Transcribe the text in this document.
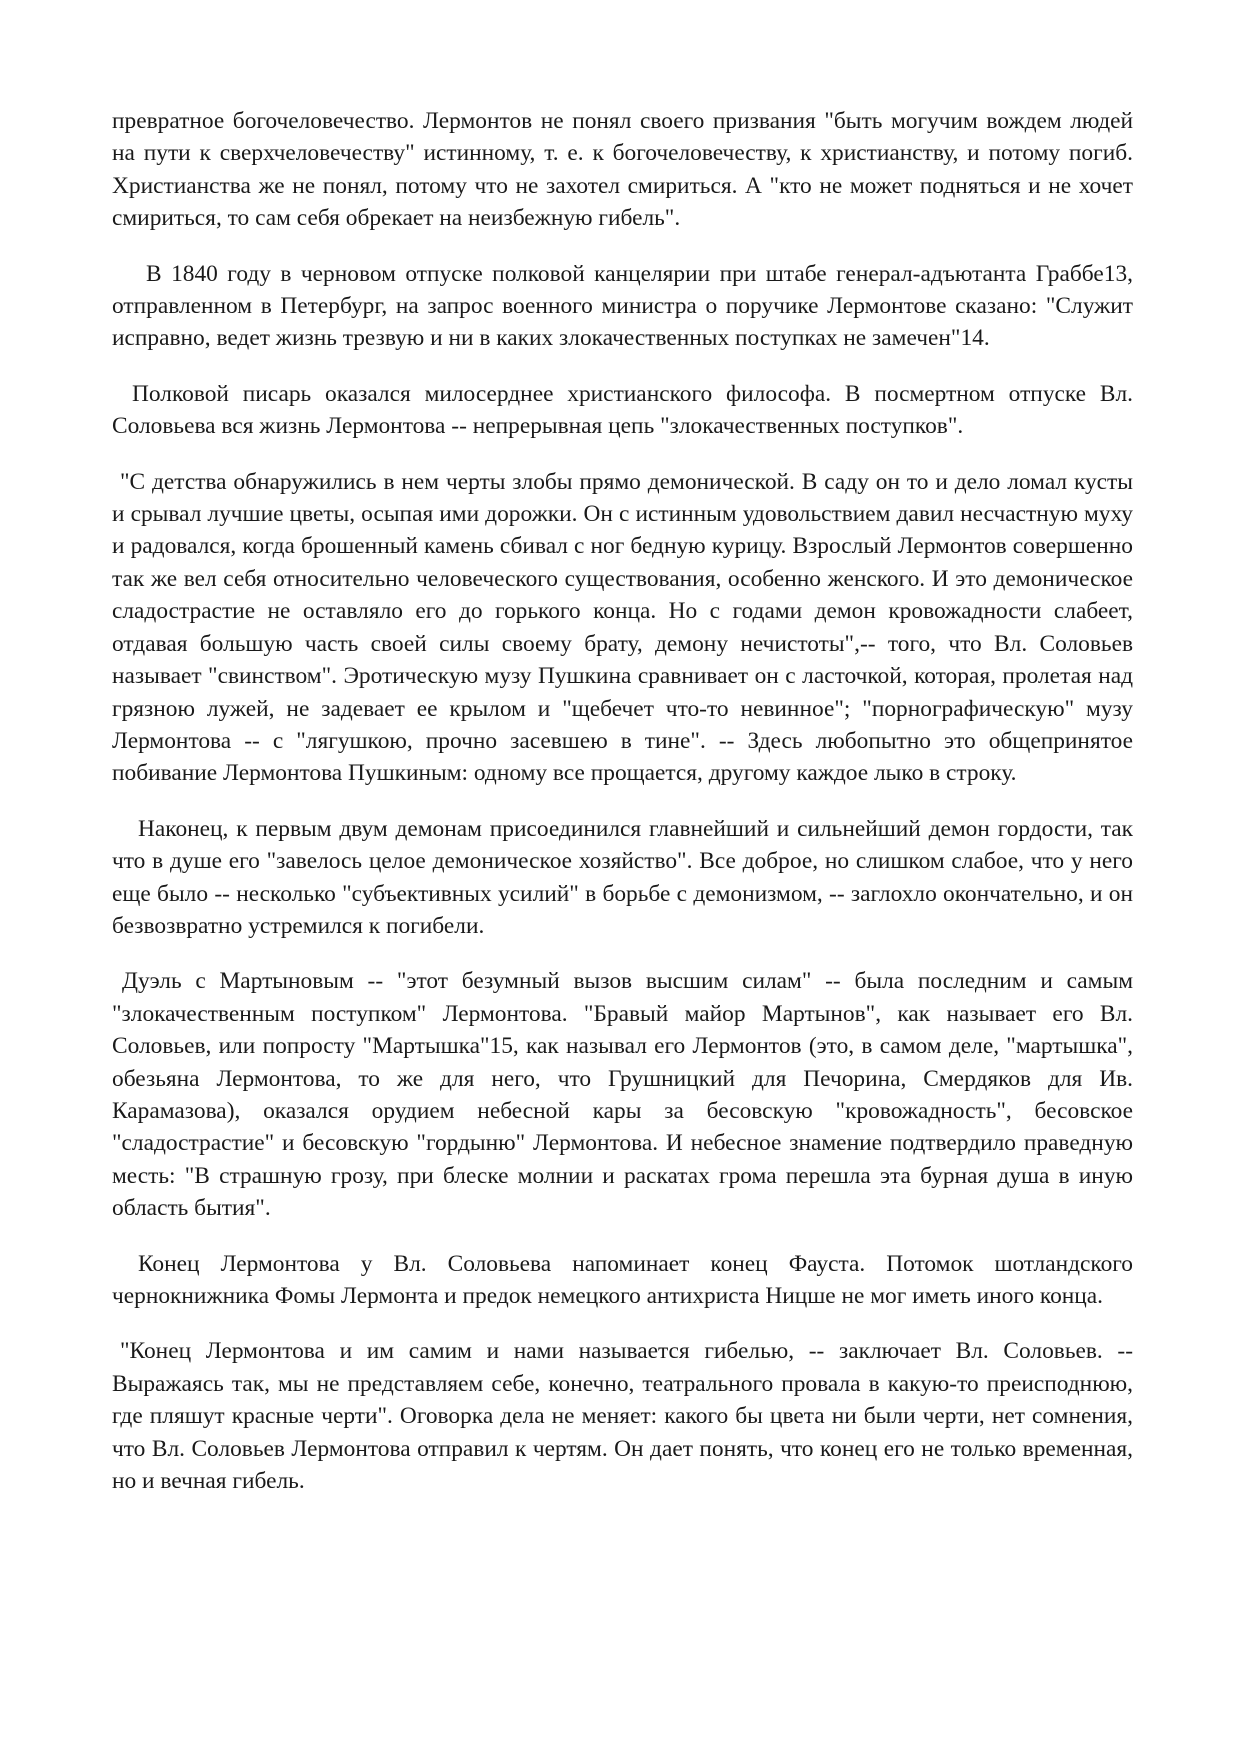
превратное богочеловечество. Лермонтов не понял своего призвания "быть могучим вождем людей на пути к сверхчеловечеству" истинному, т. е. к богочеловечеству, к христианству, и потому погиб. Христианства же не понял, потому что не захотел смириться. А "кто не может подняться и не хочет смириться, то сам себя обрекает на неизбежную гибель".

В 1840 году в черновом отпуске полковой канцелярии при штабе генерал-адъютанта Граббе13, отправленном в Петербург, на запрос военного министра о поручике Лермонтове сказано: "Служит исправно, ведет жизнь трезвую и ни в каких злокачественных поступках не замечен"14.

Полковой писарь оказался милосерднее христианского философа. В посмертном отпуске Вл. Соловьева вся жизнь Лермонтова -- непрерывная цепь "злокачественных поступков".

"С детства обнаружились в нем черты злобы прямо демонической. В саду он то и дело ломал кусты и срывал лучшие цветы, осыпая ими дорожки. Он с истинным удовольствием давил несчастную муху и радовался, когда брошенный камень сбивал с ног бедную курицу. Взрослый Лермонтов совершенно так же вел себя относительно человеческого существования, особенно женского. И это демоническое сладострастие не оставляло его до горького конца. Но с годами демон кровожадности слабеет, отдавая большую часть своей силы своему брату, демону нечистоты",-- того, что Вл. Соловьев называет "свинством". Эротическую музу Пушкина сравнивает он с ласточкой, которая, пролетая над грязною лужей, не задевает ее крылом и "щебечет что-то невинное"; "порнографическую" музу Лермонтова -- с "лягушкою, прочно засевшею в тине". -- Здесь любопытно это общепринятое побивание Лермонтова Пушкиным: одному все прощается, другому каждое лыко в строку.

Наконец, к первым двум демонам присоединился главнейший и сильнейший демон гордости, так что в душе его "завелось целое демоническое хозяйство". Все доброе, но слишком слабое, что у него еще было -- несколько "субъективных усилий" в борьбе с демонизмом, -- заглохло окончательно, и он безвозвратно устремился к погибели.

Дуэль с Мартыновым -- "этот безумный вызов высшим силам" -- была последним и самым "злокачественным поступком" Лермонтова. "Бравый майор Мартынов", как называет его Вл. Соловьев, или попросту "Мартышка"15, как называл его Лермонтов (это, в самом деле, "мартышка", обезьяна Лермонтова, то же для него, что Грушницкий для Печорина, Смердяков для Ив. Карамазова), оказался орудием небесной кары за бесовскую "кровожадность", бесовское "сладострастие" и бесовскую "гордыню" Лермонтова. И небесное знамение подтвердило праведную месть: "В страшную грозу, при блеске молнии и раскатах грома перешла эта бурная душа в иную область бытия".

Конец Лермонтова у Вл. Соловьева напоминает конец Фауста. Потомок шотландского чернокнижника Фомы Лермонта и предок немецкого антихриста Ницше не мог иметь иного конца.

"Конец Лермонтова и им самим и нами называется гибелью, -- заключает Вл. Соловьев. -- Выражаясь так, мы не представляем себе, конечно, театрального провала в какую-то преисподнюю, где пляшут красные черти". Оговорка дела не меняет: какого бы цвета ни были черти, нет сомнения, что Вл. Соловьев Лермонтова отправил к чертям. Он дает понять, что конец его не только временная, но и вечная гибель.
